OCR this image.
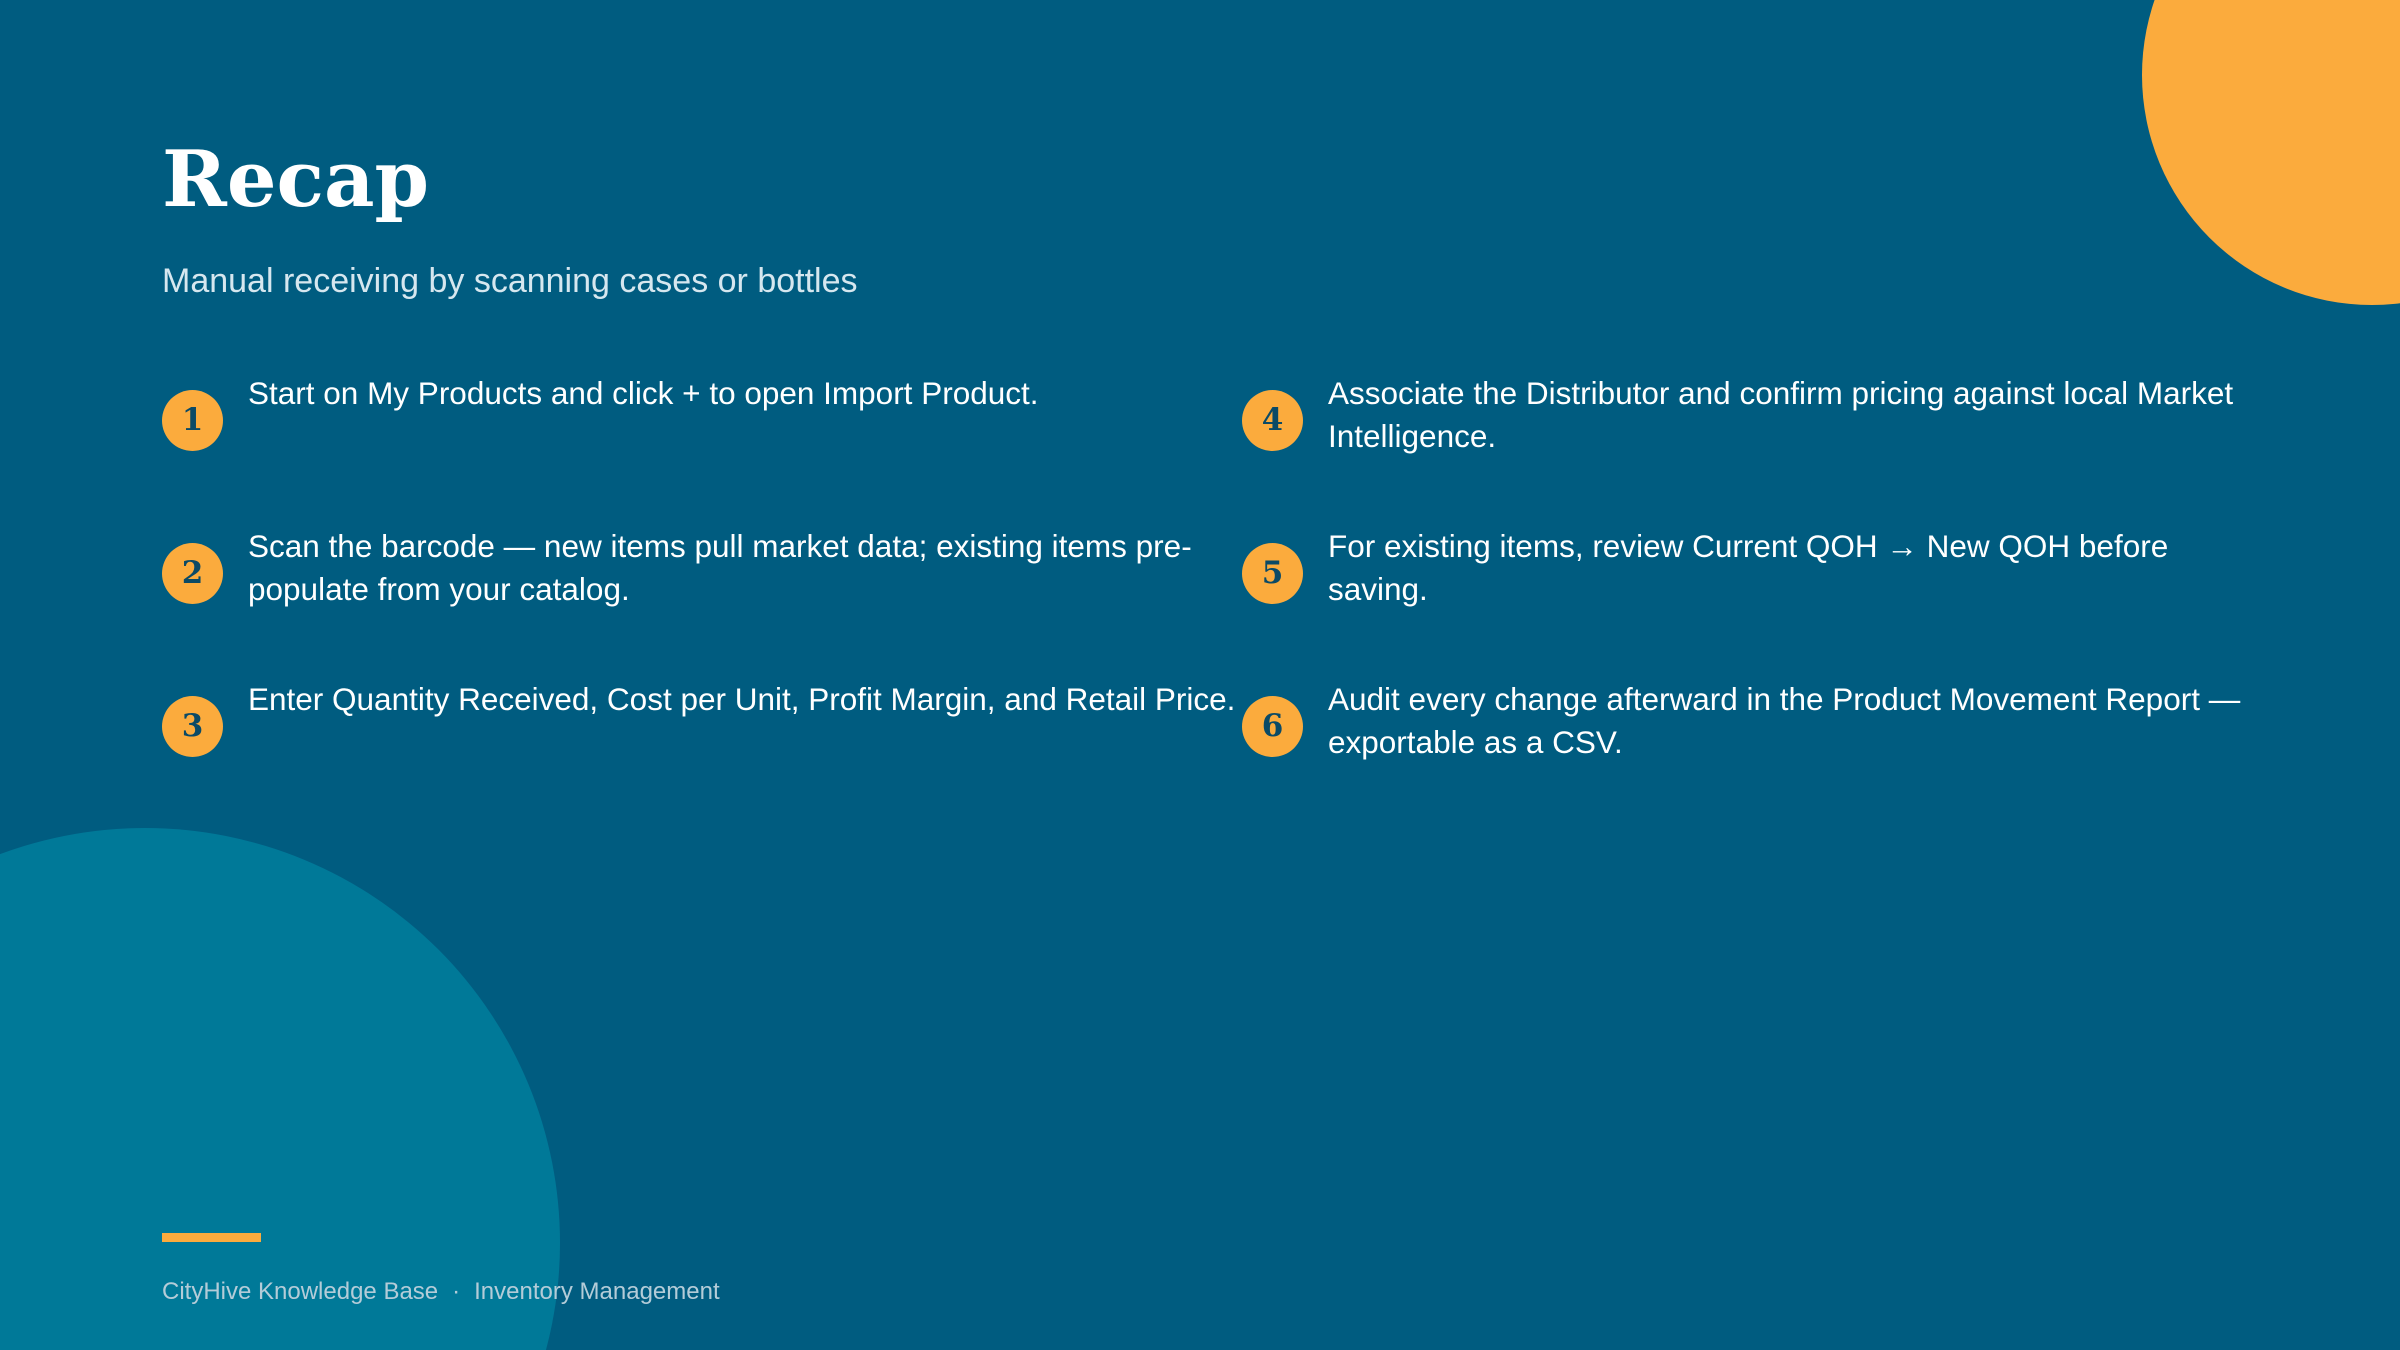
Recap

Manual receiving by scanning cases or bottles

1
Start on My Products and click + to open Import Product.
2
Scan the barcode — new items pull market data; existing items pre-populate from your catalog.
3
Enter Quantity Received, Cost per Unit, Profit Margin, and Retail Price.
4
Associate the Distributor and confirm pricing against local Market Intelligence.
5
For existing items, review Current QOH → New QOH before saving.
6
Audit every change afterward in the Product Movement Report — exportable as a CSV.
CityHive Knowledge Base · Inventory Management
